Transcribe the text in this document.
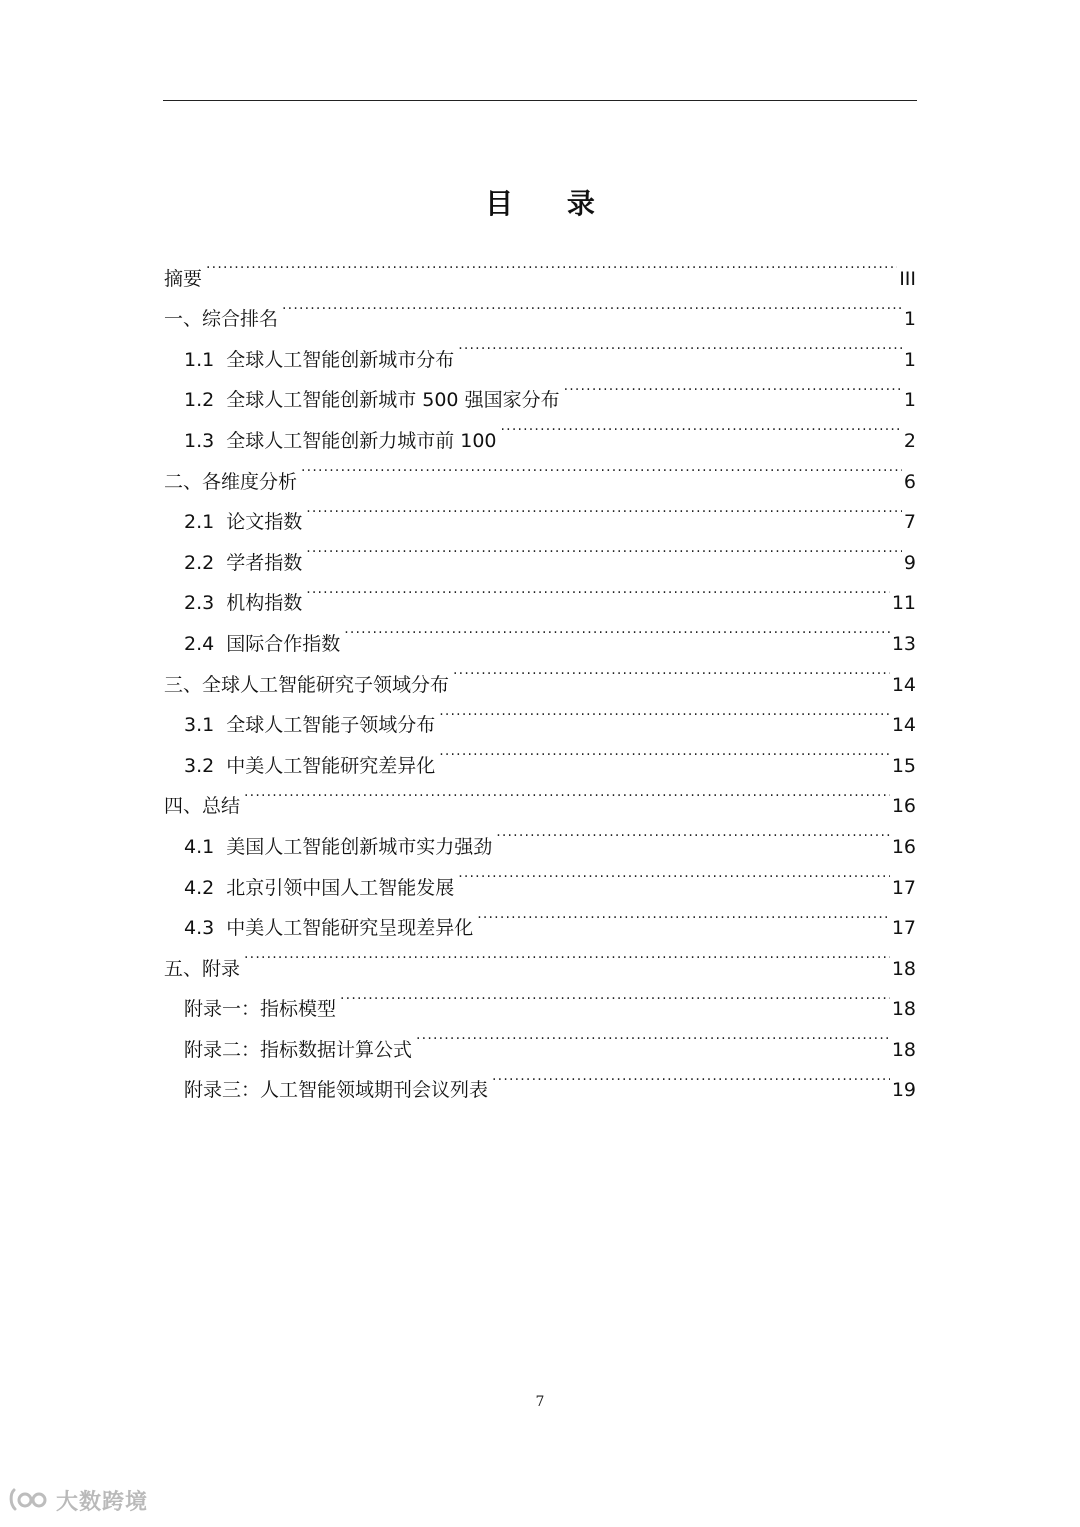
目 录
摘要 .....	III
一、综合排名 .....	1
1.1 全球人工智能创新城市分布 .....	1
1.2 全球人工智能创新城市 500 强国家分布 .....	1
1.3 全球人工智能创新力城市前 100 .....	2
二、各维度分析 .....	6
2.1 论文指数 .....	7
2.2 学者指数 .....	9
2.3 机构指数 .....	11
2.4 国际合作指数 .....	13
三、全球人工智能研究子领域分布 .....	14
3.1 全球人工智能子领域分布 .....	14
3.2 中美人工智能研究差异化 .....	15
四、总结 .....	16
4.1 美国人工智能创新城市实力强劲 .....	16
4.2 北京引领中国人工智能发展 .....	17
4.3 中美人工智能研究呈现差异化 .....	17
五、附录 .....	18
附录一：指标模型 .....	18
附录二：指标数据计算公式 .....	18
附录三：人工智能领域期刊会议列表 .....	19
7
大数跨境
